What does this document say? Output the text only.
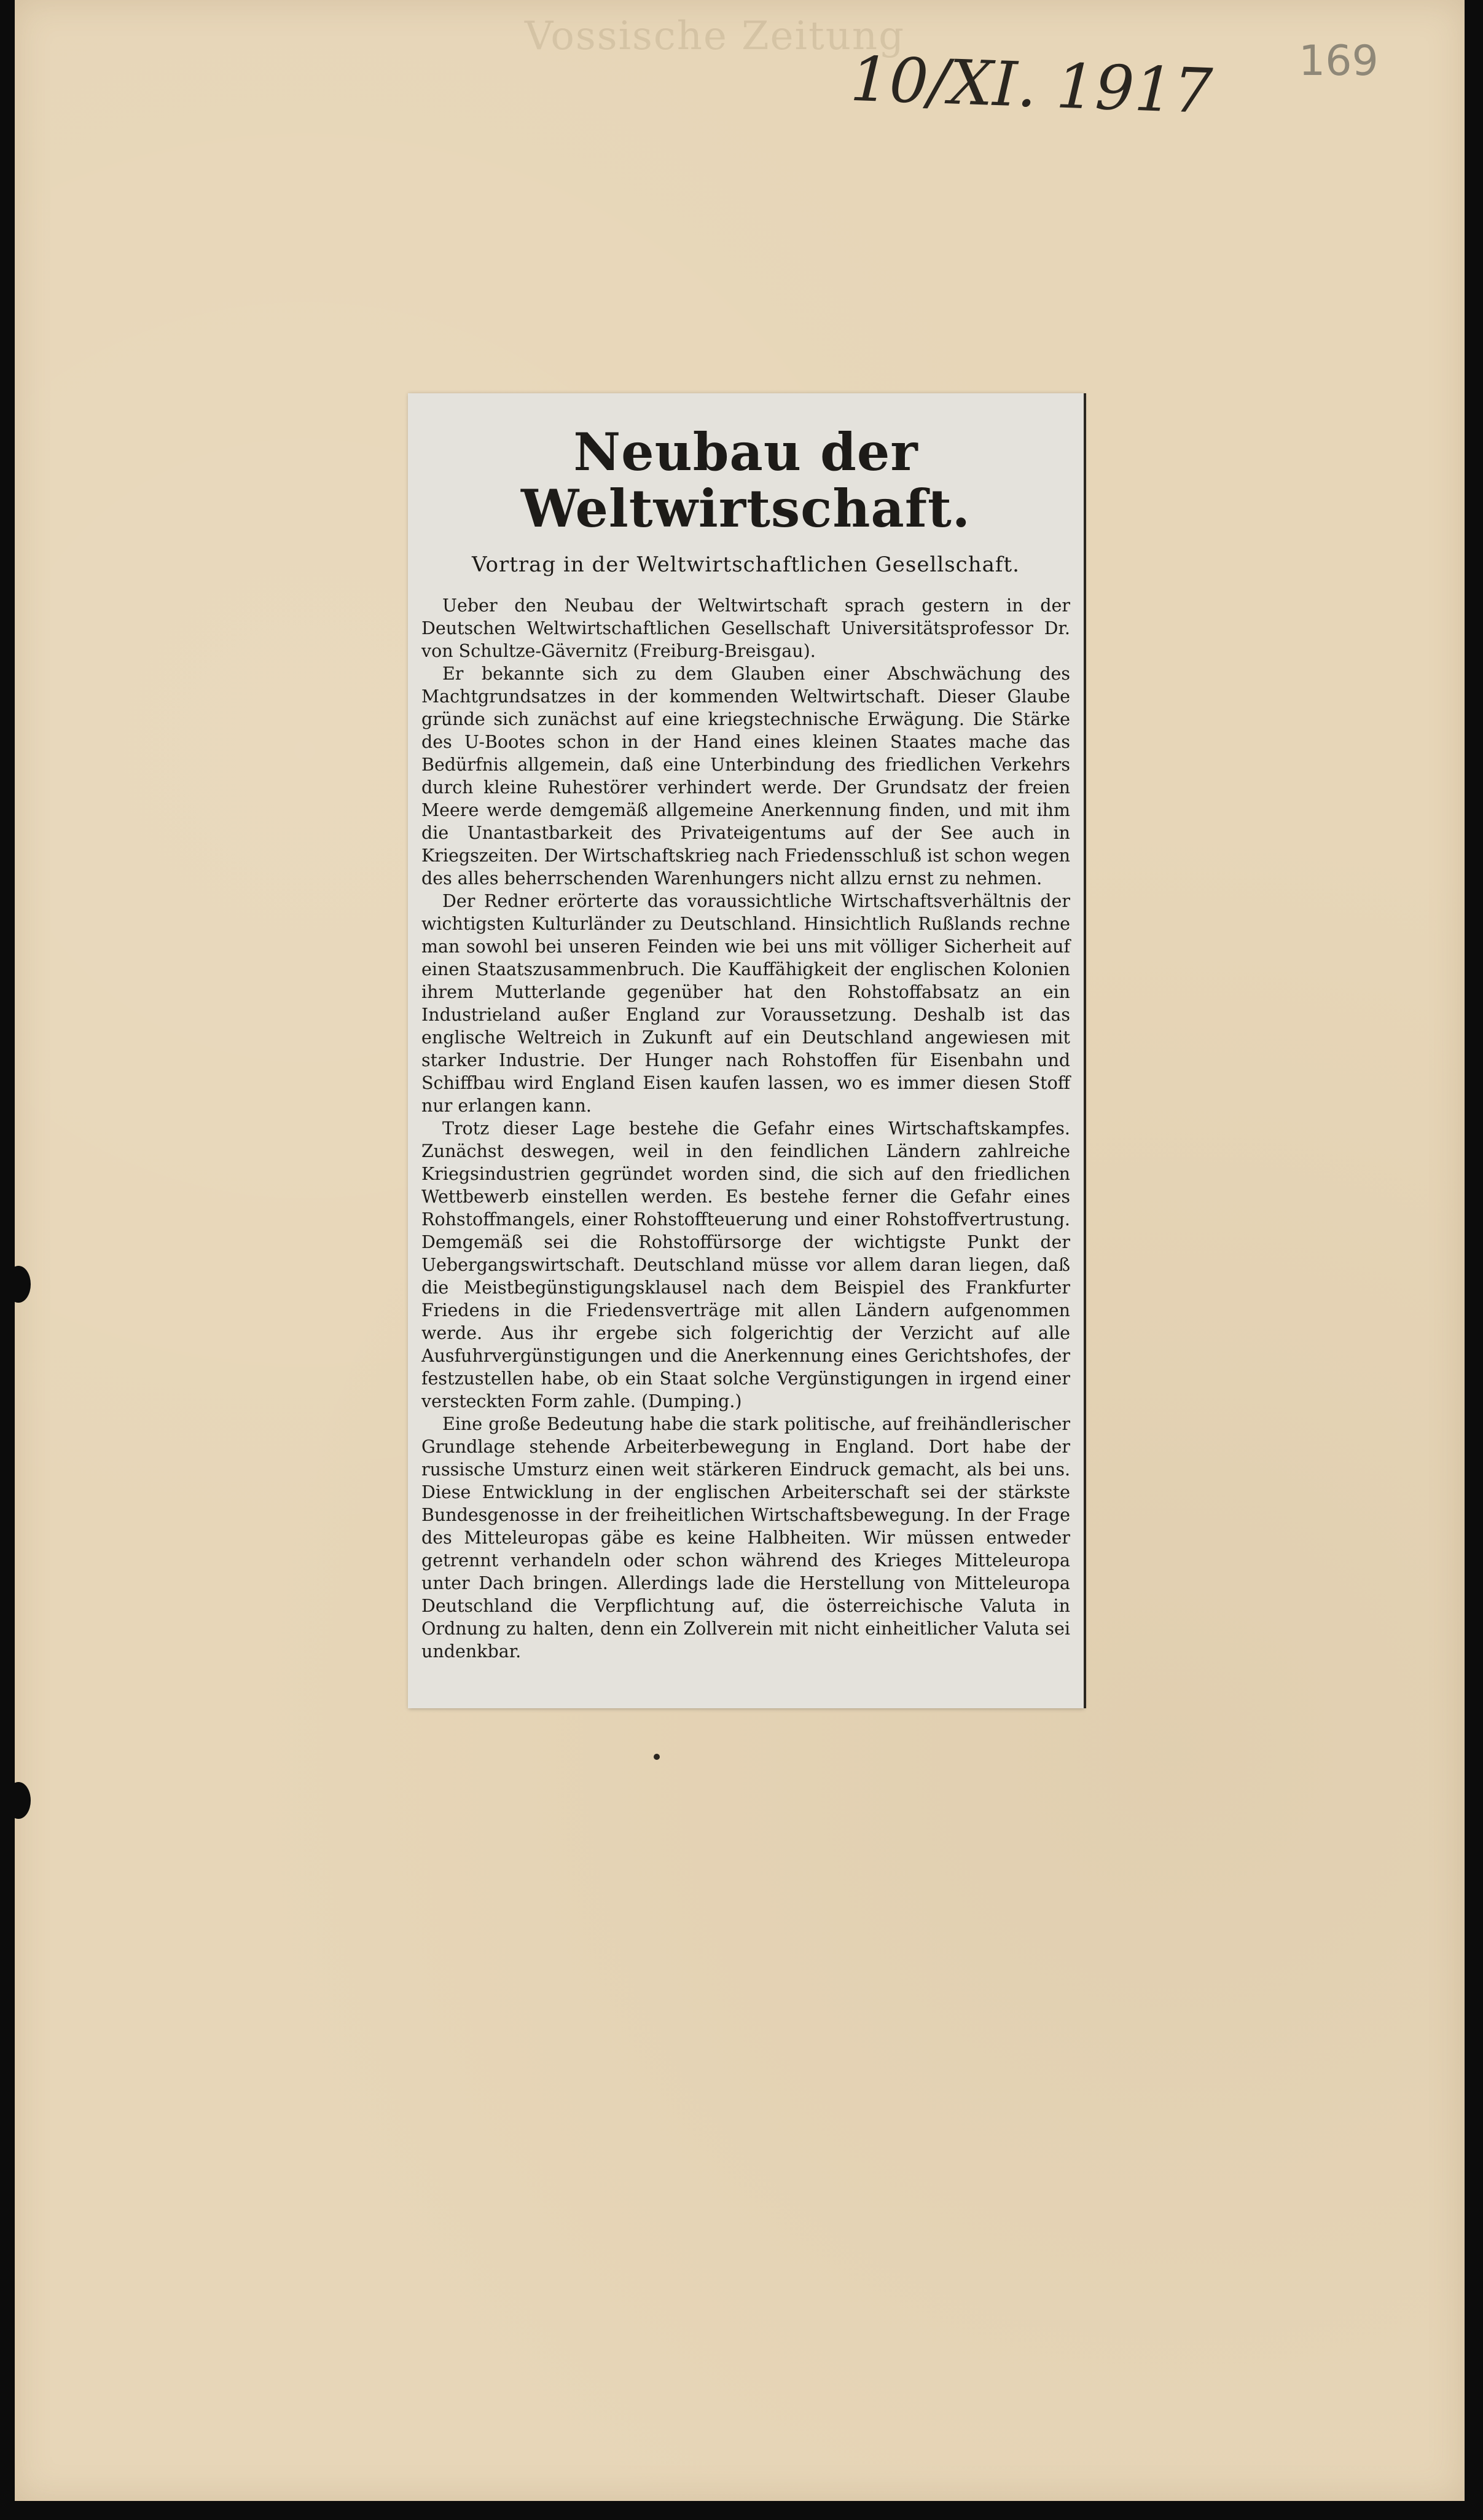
Vossische Zeitung
10/XI. 1917 169
Neubau der Weltwirtschaft.
Vortrag in der Weltwirtschaftlichen Gesellschaft.

Ueber den Neubau der Weltwirtschaft sprach gestern in der Deutschen Weltwirtschaftlichen Gesellschaft Universitätsprofessor Dr. von Schultze-Gävernitz (Freiburg-Breisgau).

Er bekannte sich zu dem Glauben einer Abschwächung des Machtgrundsatzes in der kommenden Weltwirtschaft. Dieser Glaube gründe sich zunächst auf eine kriegstechnische Erwägung. Die Stärke des U-Bootes schon in der Hand eines kleinen Staates mache das Bedürfnis allgemein, daß eine Unterbindung des friedlichen Verkehrs durch kleine Ruhestörer verhindert werde. Der Grundsatz der freien Meere werde demgemäß allgemeine Anerkennung finden, und mit ihm die Unantastbarkeit des Privateigentums auf der See auch in Kriegszeiten. Der Wirtschaftskrieg nach Friedensschluß ist schon wegen des alles beherrschenden Warenhungers nicht allzu ernst zu nehmen.

Der Redner erörterte das voraussichtliche Wirtschaftsverhältnis der wichtigsten Kulturländer zu Deutschland. Hinsichtlich Rußlands rechne man sowohl bei unseren Feinden wie bei uns mit völliger Sicherheit auf einen Staatszusammenbruch. Die Kauffähigkeit der englischen Kolonien ihrem Mutterlande gegenüber hat den Rohstoffabsatz an ein Industrieland außer England zur Voraussetzung. Deshalb ist das englische Weltreich in Zukunft auf ein Deutschland angewiesen mit starker Industrie. Der Hunger nach Rohstoffen für Eisenbahn und Schiffbau wird England Eisen kaufen lassen, wo es immer diesen Stoff nur erlangen kann.

Trotz dieser Lage bestehe die Gefahr eines Wirtschaftskampfes. Zunächst deswegen, weil in den feindlichen Ländern zahlreiche Kriegsindustrien gegründet worden sind, die sich auf den friedlichen Wettbewerb einstellen werden. Es bestehe ferner die Gefahr eines Rohstoffmangels, einer Rohstoffteuerung und einer Rohstoffvertrustung. Demgemäß sei die Rohstoffürsorge der wichtigste Punkt der Uebergangswirtschaft. Deutschland müsse vor allem daran liegen, daß die Meistbegünstigungsklausel nach dem Beispiel des Frankfurter Friedens in die Friedensverträge mit allen Ländern aufgenommen werde. Aus ihr ergebe sich folgerichtig der Verzicht auf alle Ausfuhrvergünstigungen und die Anerkennung eines Gerichtshofes, der festzustellen habe, ob ein Staat solche Vergünstigungen in irgend einer versteckten Form zahle. (Dumping.)

Eine große Bedeutung habe die stark politische, auf freihändlerischer Grundlage stehende Arbeiterbewegung in England. Dort habe der russische Umsturz einen weit stärkeren Eindruck gemacht, als bei uns. Diese Entwicklung in der englischen Arbeiterschaft sei der stärkste Bundesgenosse in der freiheitlichen Wirtschaftsbewegung. In der Frage des Mitteleuropas gäbe es keine Halbheiten. Wir müssen entweder getrennt verhandeln oder schon während des Krieges Mitteleuropa unter Dach bringen. Allerdings lade die Herstellung von Mitteleuropa Deutschland die Verpflichtung auf, die österreichische Valuta in Ordnung zu halten, denn ein Zollverein mit nicht einheitlicher Valuta sei undenkbar.
